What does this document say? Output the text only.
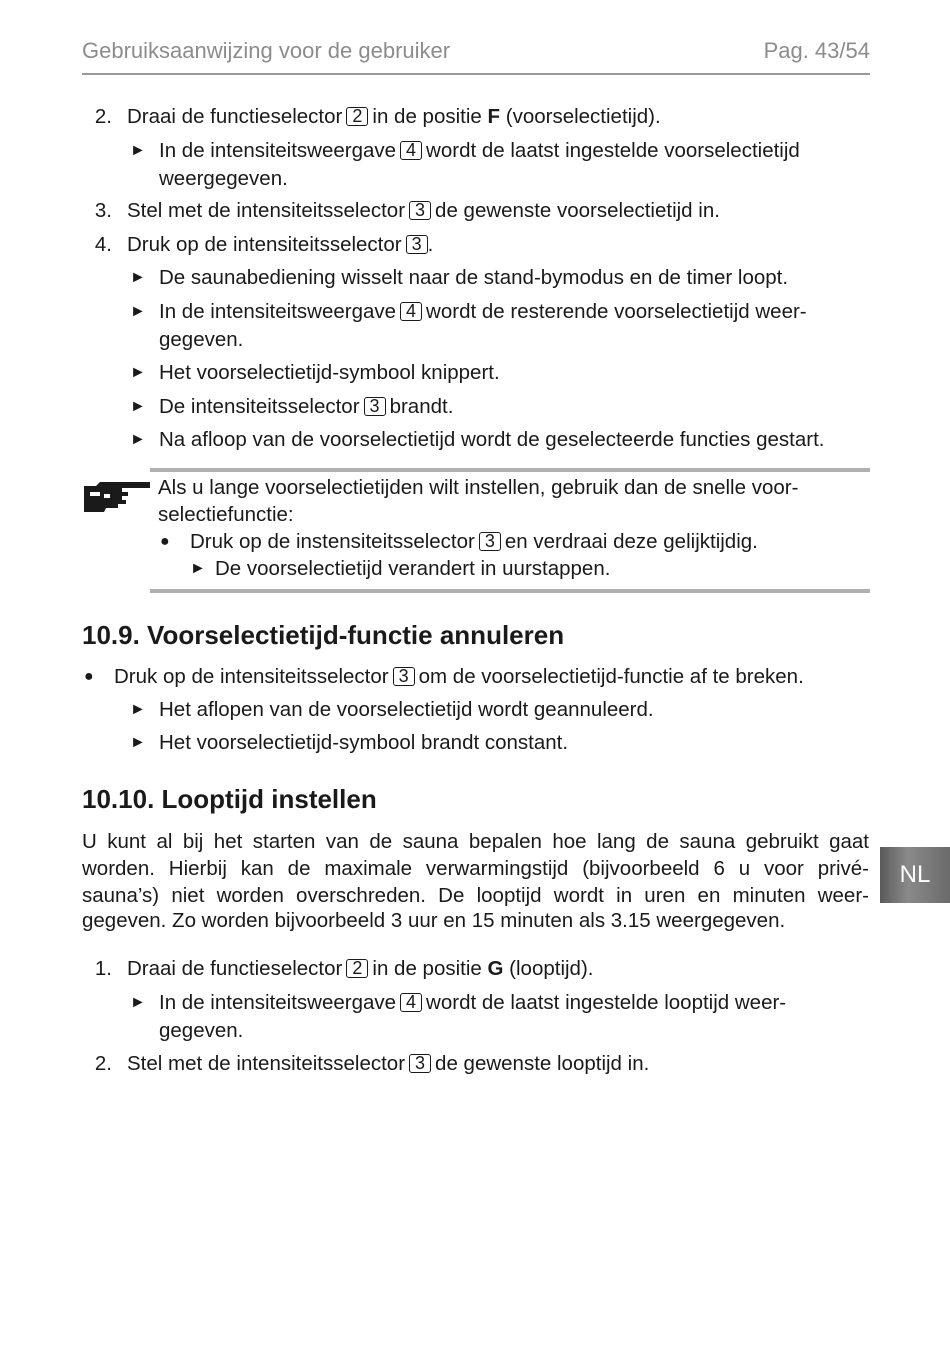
Gebruiksaanwijzing voor de gebruiker	Pag. 43/54
2. Draai de functieselector 2 in de positie F (voorselectietijd).
► In de intensiteitsweergave 4 wordt de laatst ingestelde voorselectietijd
weergegeven.
3. Stel met de intensiteitsselector 3 de gewenste voorselectietijd in.
4. Druk op de intensiteitsselector 3 .
► De saunabediening wisselt naar de stand-bymodus en de timer loopt.
► In de intensiteitsweergave 4 wordt de resterende voorselectietijd weer-
gegeven.
► Het voorselectietijd-symbool knippert.
► De intensiteitsselector 3 brandt.
► Na afloop van de voorselectietijd wordt de geselecteerde functies gestart.
Als u lange voorselectietijden wilt instellen, gebruik dan de snelle voor-
selectiefunctie:
● Druk op de instensiteitsselector 3 en verdraai deze gelijktijdig.
► De voorselectietijd verandert in uurstappen.
10.9. Voorselectietijd-functie annuleren
● Druk op de intensiteitsselector 3 om de voorselectietijd-functie af te breken.
► Het aflopen van de voorselectietijd wordt geannuleerd.
► Het voorselectietijd-symbool brandt constant.
10.10. Looptijd instellen
U kunt al bij het starten van de sauna bepalen hoe lang de sauna gebruikt gaat
worden. Hierbij kan de maximale verwarmingstijd (bijvoorbeeld 6 u voor privé-
sauna’s) niet worden overschreden. De looptijd wordt in uren en minuten weer-
gegeven. Zo worden bijvoorbeeld 3 uur en 15 minuten als 3.15 weergegeven.
1. Draai de functieselector 2 in de positie G (looptijd).
► In de intensiteitsweergave 4 wordt de laatst ingestelde looptijd weer-
gegeven.
2. Stel met de intensiteitsselector 3 de gewenste looptijd in.
NL
